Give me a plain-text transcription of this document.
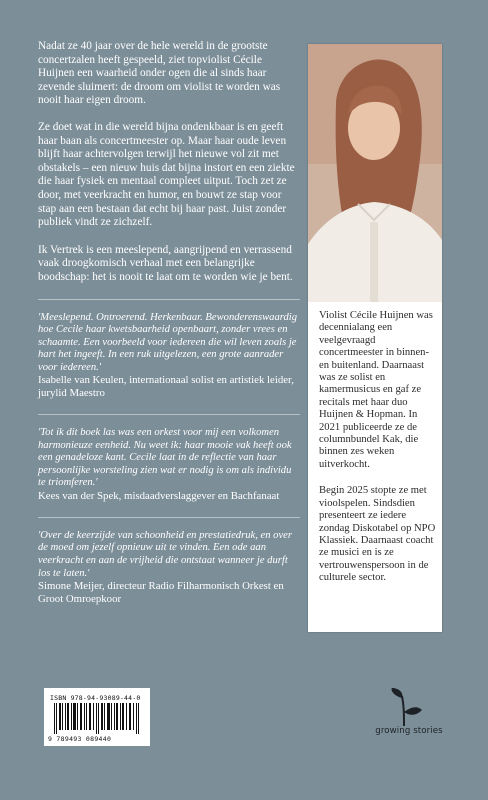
Nadat ze 40 jaar over de hele wereld in de grootste concertzalen heeft gespeeld, ziet topviolist Cécile Huijnen een waarheid onder ogen die al sinds haar zevende sluimert: de droom om violist te worden was nooit haar eigen droom.

Ze doet wat in die wereld bijna ondenkbaar is en geeft haar baan als concertmeester op. Maar haar oude leven blijft haar achtervolgen terwijl het nieuwe vol zit met obstakels – een nieuw huis dat bijna instort en een ziekte die haar fysiek en mentaal compleet uitput. Toch zet ze door, met veerkracht en humor, en bouwt ze stap voor stap aan een bestaan dat echt bij haar past. Juist zonder publiek vindt ze zichzelf.

Ik Vertrek is een meeslepend, aangrijpend en verrassend vaak droogkomisch verhaal met een belangrijke boodschap: het is nooit te laat om te worden wie je bent.

'Meeslepend. Ontroerend. Herkenbaar. Bewonderenswaardig hoe Cecile haar kwetsbaarheid openbaart, zonder vrees en schaamte. Een voorbeeld voor iedereen die wil leven zoals je hart het ingeeft. In een ruk uitgelezen, een grote aanrader voor iedereen.'
Isabelle van Keulen, internationaal solist en artistiek leider, jurylid Maestro
'Tot ik dit boek las was een orkest voor mij een volkomen harmonieuze eenheid. Nu weet ik: haar mooie vak heeft ook een genadeloze kant. Cecile laat in de reflectie van haar persoonlijke worsteling zien wat er nodig is om als individu te triomferen.'
Kees van der Spek, misdaadverslaggever en Bachfanaat
'Over de keerzijde van schoonheid en prestatiedruk, en over de moed om jezelf opnieuw uit te vinden. Een ode aan veerkracht en aan de vrijheid die ontstaat wanneer je durft los te laten.'
Simone Meijer, directeur Radio Filharmonisch Orkest en Groot Omroepkoor

Violist Cécile Huijnen was decennialang een veelgevraagd concertmeester in binnen- en buitenland. Daarnaast was ze solist en kamermusicus en gaf ze recitals met haar duo Huijnen & Hopman. In 2021 publiceerde ze de columnbundel Kak, die binnen zes weken uitverkocht.

Begin 2025 stopte ze met vioolspelen. Sindsdien presenteert ze iedere zondag Diskotabel op NPO Klassiek. Daarnaast coacht ze musici en is ze vertrouwenspersoon in de culturele sector.

ISBN 978-94-93089-44-0
9 789493 089440
growing stories
